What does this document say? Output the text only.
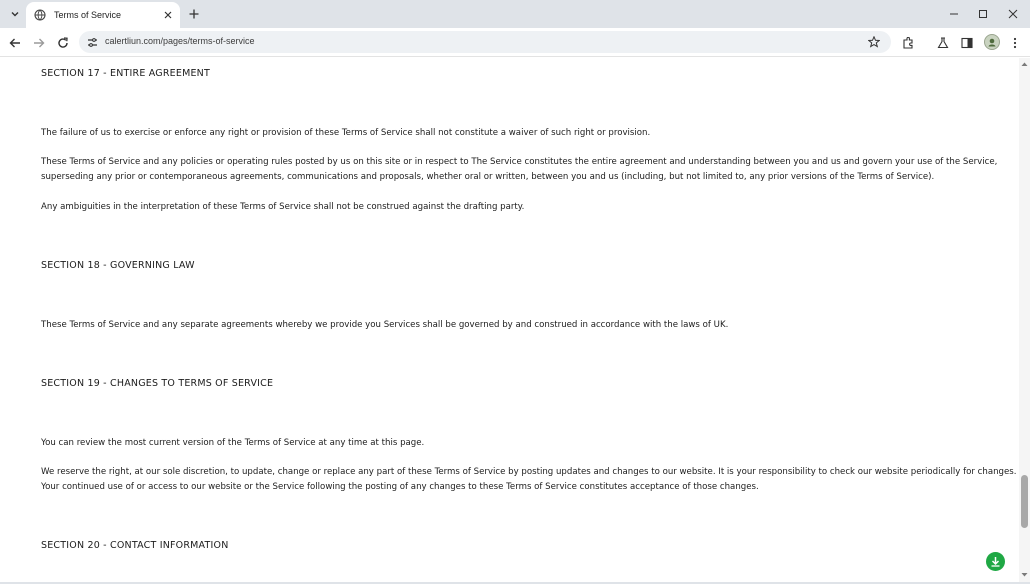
Terms of Service
calertliun.com/pages/terms-of-service
SECTION 17 - ENTIRE AGREEMENT
The failure of us to exercise or enforce any right or provision of these Terms of Service shall not constitute a waiver of such right or provision.
These Terms of Service and any policies or operating rules posted by us on this site or in respect to The Service constitutes the entire agreement and understanding between you and us and govern your use of the Service,
superseding any prior or contemporaneous agreements, communications and proposals, whether oral or written, between you and us (including, but not limited to, any prior versions of the Terms of Service).
Any ambiguities in the interpretation of these Terms of Service shall not be construed against the drafting party.
SECTION 18 - GOVERNING LAW
These Terms of Service and any separate agreements whereby we provide you Services shall be governed by and construed in accordance with the laws of UK.
SECTION 19 - CHANGES TO TERMS OF SERVICE
You can review the most current version of the Terms of Service at any time at this page.
We reserve the right, at our sole discretion, to update, change or replace any part of these Terms of Service by posting updates and changes to our website. It is your responsibility to check our website periodically for changes.
Your continued use of or access to our website or the Service following the posting of any changes to these Terms of Service constitutes acceptance of those changes.
SECTION 20 - CONTACT INFORMATION
